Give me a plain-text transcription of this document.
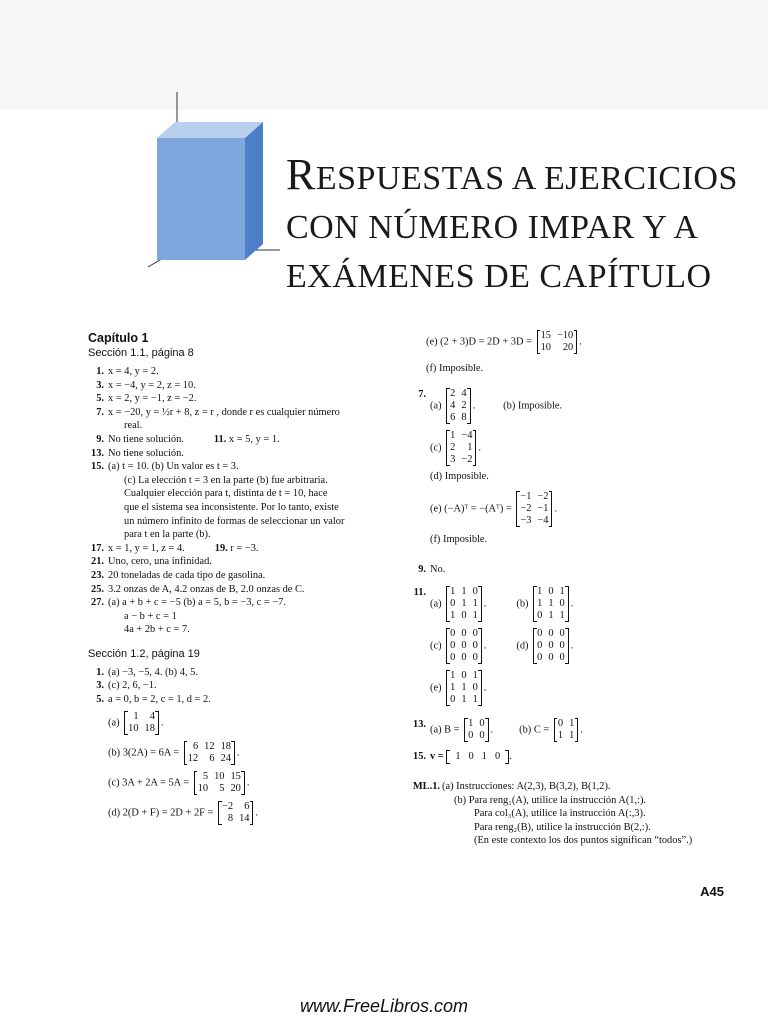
RESPUESTAS A EJERCICIOS
CON NÚMERO IMPAR Y A
EXÁMENES DE CAPÍTULO
Capítulo 1
Sección 1.1, página 8
1. x = 4, y = 2.
3. x = −4, y = 2, z = 10.
5. x = 2, y = −1, z = −2.
7. x = −20, y = ½r + 8, z = r , donde r es cualquier número
real.
9. No tiene solución.	11. x = 5, y = 1.
13. No tiene solución.
15. (a) t = 10. (b) Un valor es t = 3.
(c) La elección t = 3 en la parte (b) fue arbitraria.
Cualquier elección para t, distinta de t = 10, hace
que el sistema sea inconsistente. Por lo tanto, existe
un número infinito de formas de seleccionar un valor
para t en la parte (b).
17. x = 1, y = 1, z = 4.	19. r = −3.
21. Uno, cero, una infinidad.
23. 20 toneladas de cada tipo de gasolina.
25. 3.2 onzas de A, 4.2 onzas de B, 2.0 onzas de C.
27. (a) a + b + c = −5 (b) a = 5, b = −3, c = −7.
a − b + c = 1
4a + 2b + c = 7.
Sección 1.2, página 19
1. (a) −3, −5, 4. (b) 4, 5.
3. (c) 2, 6, −1.
5. a = 0, b = 2, c = 1, d = 2.
(a) 1	4
10	18
.
(b) 3(2A) = 6A = 6	12	18
12	6	24
.
(c) 3A + 2A = 5A = 5	10	15
10	5	20
.
(d) 2(D + F) = 2D + 2F = −2	6
8	14
.
(e) (2 + 3)D = 2D + 3D = 15	−10
10	20
.
(f) Imposible.
7.
(a) 2	4
4	2
6	8
.	(b) Imposible.
(c) 1	−4
2	1
3	−2
.
(d) Imposible.
(e) (−A)ᵀ = −(Aᵀ) = −1	−2
−2	−1
−3	−4
.
(f) Imposible.
9. No.
11.
(a) 1	1	0
0	1	1
1	0	1
.	(b) 1	0	1
1	1	0
0	1	1
.
(c) 0	0	0
0	0	0
0	0	0
.	(d) 0	0	0
0	0	0
0	0	0
.
(e) 1	0	1
1	1	0
0	1	1
.
13. (a) B = 1	0
0	0
.	(b) C = 0	1
1	1
.
15. v = 1 0 1 0 .
ML.1. (a) Instrucciones: A(2,3), B(3,2), B(1,2).
(b) Para reng₁(A), utilice la instrucción A(1,:).
Para col₃(A), utilice la instrucción A(:,3).
Para reng₂(B), utilice la instrucción B(2,:).
(En este contexto los dos puntos significan “todos”.)
A45
www.FreeLibros.com
